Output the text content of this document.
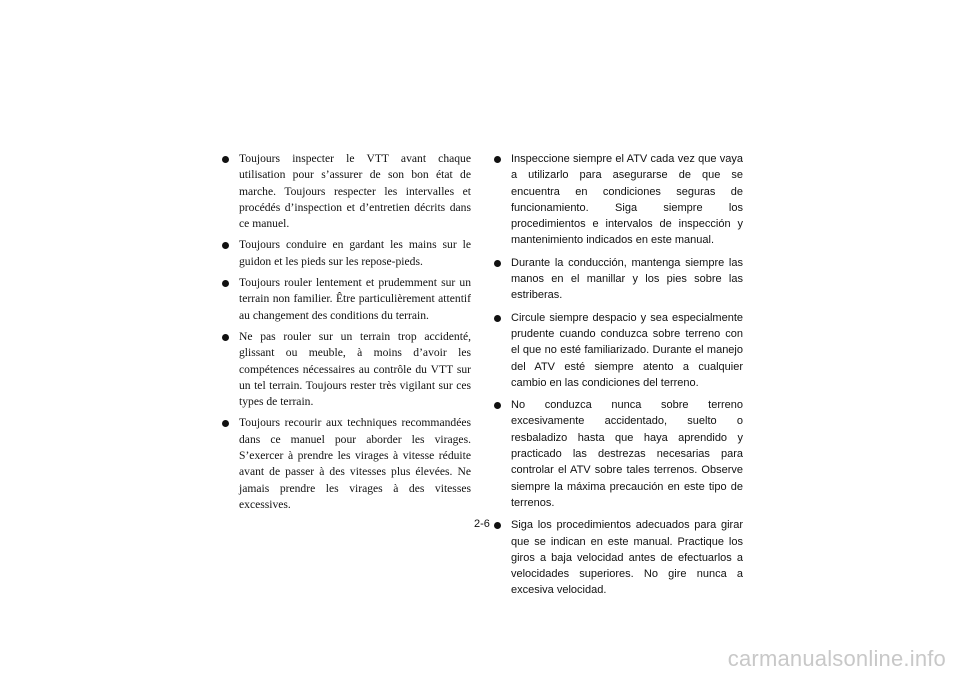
Toujours inspecter le VTT avant chaque utilisation pour s’assurer de son bon état de marche. Toujours respecter les intervalles et procédés d’inspection et d’entretien décrits dans ce manuel.
Toujours conduire en gardant les mains sur le guidon et les pieds sur les repose-pieds.
Toujours rouler lentement et prudemment sur un terrain non familier. Être particulièrement attentif au changement des conditions du terrain.
Ne pas rouler sur un terrain trop accidenté, glissant ou meuble, à moins d’avoir les compétences nécessaires au contrôle du VTT sur un tel terrain. Toujours rester très vigilant sur ces types de terrain.
Toujours recourir aux techniques recommandées dans ce manuel pour aborder les virages. S’exercer à prendre les virages à vitesse réduite avant de passer à des vitesses plus élevées. Ne jamais prendre les virages à des vitesses excessives.
Inspeccione siempre el ATV cada vez que vaya a utilizarlo para asegurarse de que se encuentra en condiciones seguras de funcionamiento. Siga siempre los procedimientos e intervalos de inspección y mantenimiento indicados en este manual.
Durante la conducción, mantenga siempre las manos en el manillar y los pies sobre las estriberas.
Circule siempre despacio y sea especialmente prudente cuando conduzca sobre terreno con el que no esté familiarizado. Durante el manejo del ATV esté siempre atento a cualquier cambio en las condiciones del terreno.
No conduzca nunca sobre terreno excesivamente accidentado, suelto o resbaladizo hasta que haya aprendido y practicado las destrezas necesarias para controlar el ATV sobre tales terrenos. Observe siempre la máxima precaución en este tipo de terrenos.
Siga los procedimientos adecuados para girar que se indican en este manual. Practique los giros a baja velocidad antes de efectuarlos a velocidades superiores. No gire nunca a excesiva velocidad.
2-6
carmanualsonline.info
